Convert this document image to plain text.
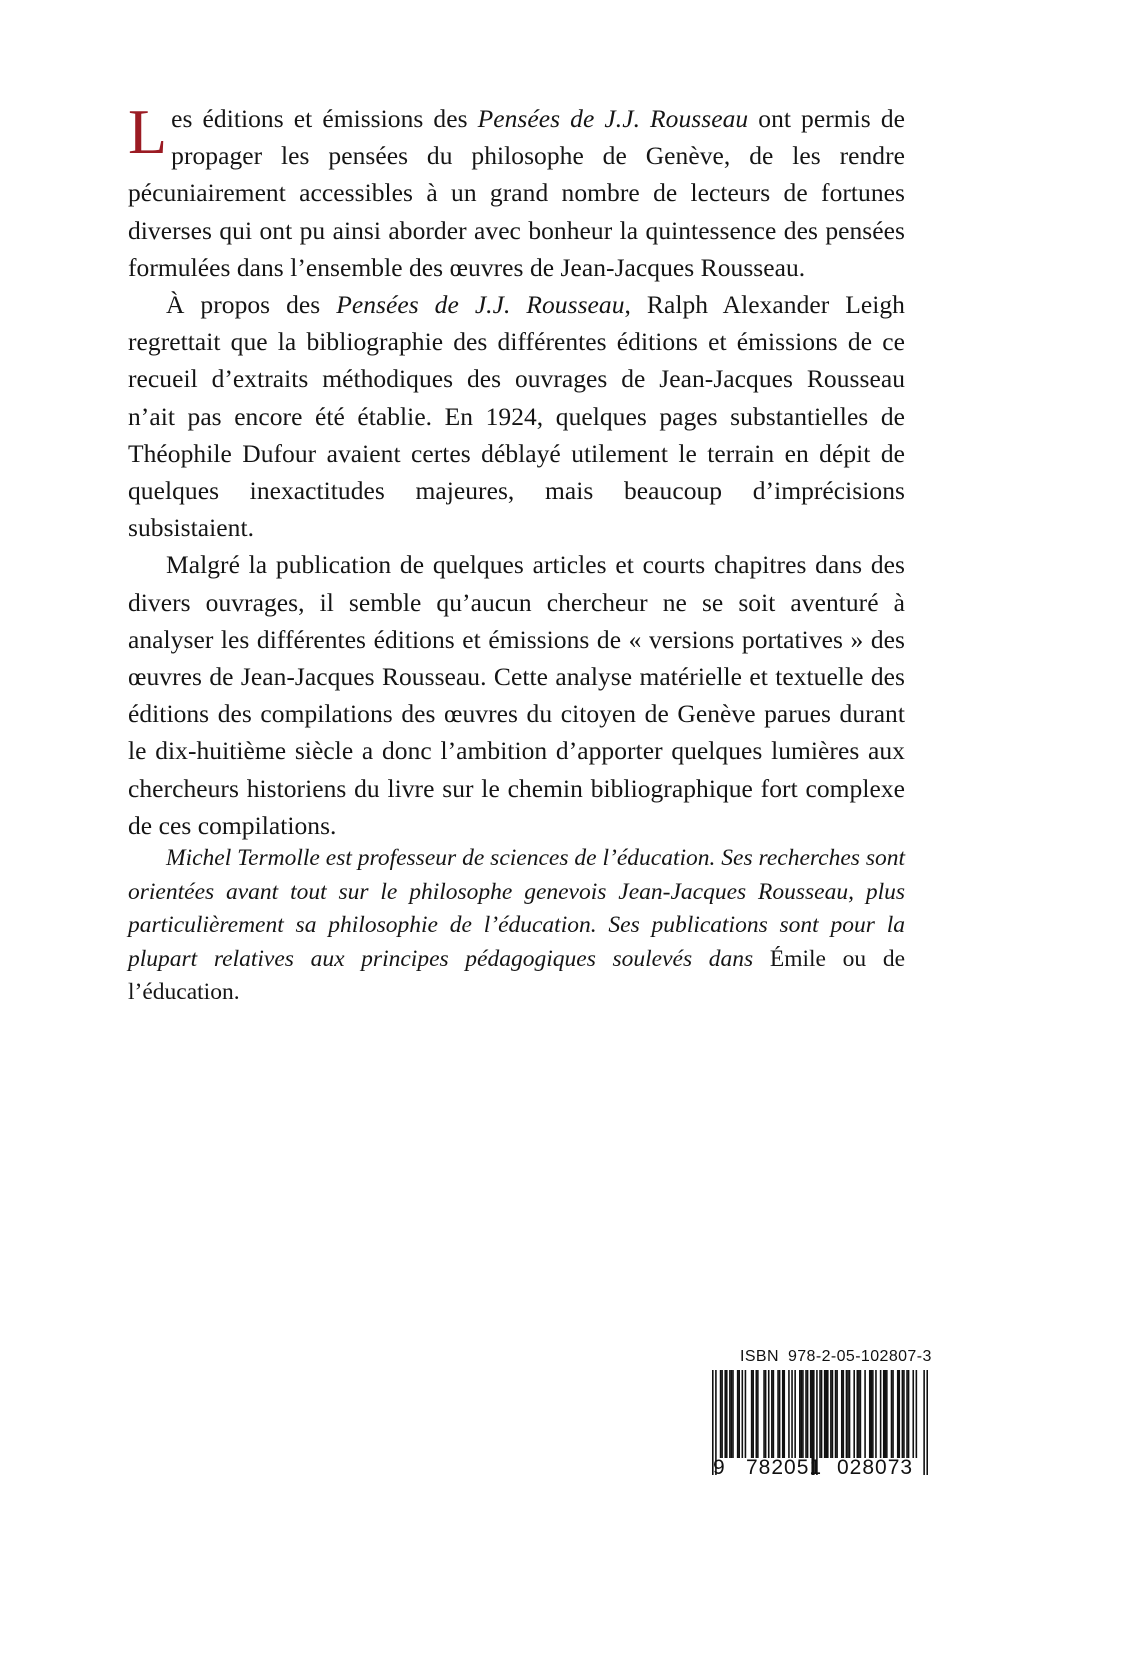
Les éditions et émissions des Pensées de J.J. Rousseau ont permis de propager les pensées du philosophe de Genève, de les rendre pécuniairement accessibles à un grand nombre de lecteurs de fortunes diverses qui ont pu ainsi aborder avec bonheur la quintessence des pensées formulées dans l’ensemble des œuvres de Jean-Jacques Rousseau.

À propos des Pensées de J.J. Rousseau, Ralph Alexander Leigh regrettait que la bibliographie des différentes éditions et émissions de ce recueil d’extraits méthodiques des ouvrages de Jean-Jacques Rousseau n’ait pas encore été établie. En 1924, quelques pages substantielles de Théophile Dufour avaient certes déblayé utilement le terrain en dépit de quelques inexactitudes majeures, mais beaucoup d’imprécisions subsistaient.

Malgré la publication de quelques articles et courts chapitres dans des divers ouvrages, il semble qu’aucun chercheur ne se soit aventuré à analyser les différentes éditions et émissions de « versions portatives » des œuvres de Jean-Jacques Rousseau. Cette analyse matérielle et textuelle des éditions des compilations des œuvres du citoyen de Genève parues durant le dix-huitième siècle a donc l’ambition d’apporter quelques lumières aux chercheurs historiens du livre sur le chemin bibliographique fort complexe de ces compilations.

Michel Termolle est professeur de sciences de l’éducation. Ses recherches sont orientées avant tout sur le philosophe genevois Jean-Jacques Rousseau, plus particulièrement sa philosophie de l’éducation. Ses publications sont pour la plupart relatives aux principes pédagogiques soulevés dans Émile ou de l’éducation.
ISBN 978-2-05-102807-3
9 782051 028073
